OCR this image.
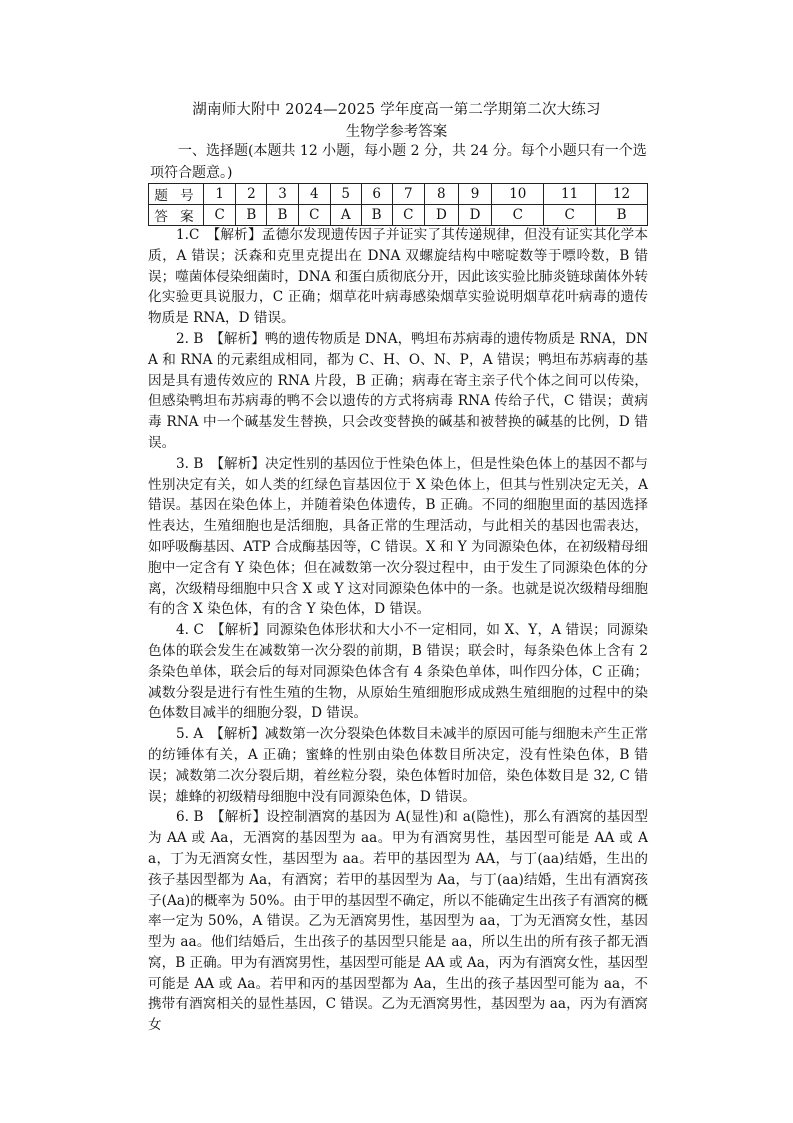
湖南师大附中 2024—2025 学年度高一第二学期第二次大练习
生物学参考答案
一、选择题(本题共 12 小题，每小题 2 分，共 24 分。每个小题只有一个选项符合题意。)
题 号	1	2	3	4	5	6	7	8	9	10	11	12
答 案	C	B	B	C	A	B	C	D	D	C	C	B

1.C　【解析】孟德尔发现遗传因子并证实了其传递规律，但没有证实其化学本质，A 错误；沃森和克里克提出在 DNA 双螺旋结构中嘧啶数等于嘌呤数，B 错误；噬菌体侵染细菌时，DNA 和蛋白质彻底分开，因此该实验比肺炎链球菌体外转化实验更具说服力，C 正确；烟草花叶病毒感染烟草实验说明烟草花叶病毒的遗传物质是 RNA，D 错误。

2. B　【解析】鸭的遗传物质是 DNA，鸭坦布苏病毒的遗传物质是 RNA，DNA 和 RNA 的元素组成相同，都为 C、H、O、N、P，A 错误；鸭坦布苏病毒的基因是具有遗传效应的 RNA 片段，B 正确；病毒在寄主亲子代个体之间可以传染，但感染鸭坦布苏病毒的鸭不会以遗传的方式将病毒 RNA 传给子代，C 错误；黄病毒 RNA 中一个碱基发生替换，只会改变替换的碱基和被替换的碱基的比例，D 错误。

3. B　【解析】决定性别的基因位于性染色体上，但是性染色体上的基因不都与性别决定有关，如人类的红绿色盲基因位于 X 染色体上，但其与性别决定无关，A 错误。基因在染色体上，并随着染色体遗传，B 正确。不同的细胞里面的基因选择性表达，生殖细胞也是活细胞，具备正常的生理活动，与此相关的基因也需表达，如呼吸酶基因、ATP 合成酶基因等，C 错误。X 和 Y 为同源染色体，在初级精母细胞中一定含有 Y 染色体；但在减数第一次分裂过程中，由于发生了同源染色体的分离，次级精母细胞中只含 X 或 Y 这对同源染色体中的一条。也就是说次级精母细胞有的含 X 染色体，有的含 Y 染色体，D 错误。

4. C　【解析】同源染色体形状和大小不一定相同，如 X、Y，A 错误；同源染色体的联会发生在减数第一次分裂的前期，B 错误；联会时，每条染色体上含有 2 条染色单体，联会后的每对同源染色体含有 4 条染色单体，叫作四分体，C 正确；减数分裂是进行有性生殖的生物，从原始生殖细胞形成成熟生殖细胞的过程中的染色体数目减半的细胞分裂，D 错误。

5. A　【解析】减数第一次分裂染色体数目未减半的原因可能与细胞未产生正常的纺锤体有关，A 正确；蜜蜂的性别由染色体数目所决定，没有性染色体，B 错误；减数第二次分裂后期，着丝粒分裂，染色体暂时加倍，染色体数目是 32, C 错误；雄蜂的初级精母细胞中没有同源染色体，D 错误。

6. B　【解析】设控制酒窝的基因为 A(显性)和 a(隐性)，那么有酒窝的基因型为 AA 或 Aa，无酒窝的基因型为 aa。甲为有酒窝男性，基因型可能是 AA 或 Aa，丁为无酒窝女性，基因型为 aa。若甲的基因型为 AA，与丁(aa)结婚，生出的孩子基因型都为 Aa，有酒窝；若甲的基因型为 Aa，与丁(aa)结婚，生出有酒窝孩子(Aa)的概率为 50%。由于甲的基因型不确定，所以不能确定生出孩子有酒窝的概率一定为 50%，A 错误。乙为无酒窝男性，基因型为 aa，丁为无酒窝女性，基因型为 aa。他们结婚后，生出孩子的基因型只能是 aa，所以生出的所有孩子都无酒窝，B 正确。甲为有酒窝男性，基因型可能是 AA 或 Aa，丙为有酒窝女性，基因型可能是 AA 或 Aa。若甲和丙的基因型都为 Aa，生出的孩子基因型可能为 aa，不携带有酒窝相关的显性基因，C 错误。乙为无酒窝男性，基因型为 aa，丙为有酒窝女
